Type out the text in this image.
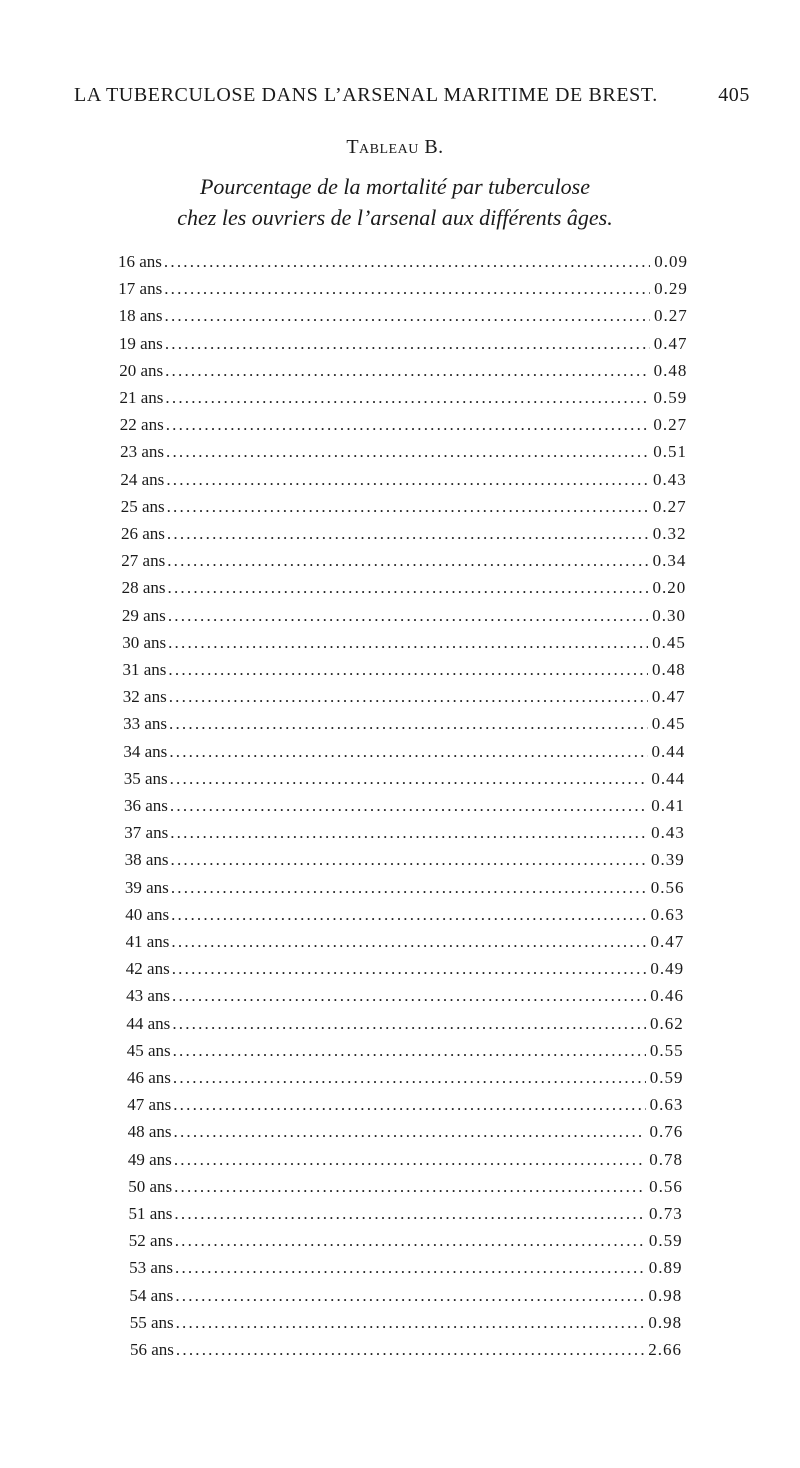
LA TUBERCULOSE DANS L’ARSENAL MARITIME DE BREST.	405
Tableau B.
Pourcentage de la mortalité par tuberculose
chez les ouvriers de l’arsenal aux différents âges.
16 ans .....	0.09
17 ans .....	0.29
18 ans .....	0.27
19 ans .....	0.47
20 ans .....	0.48
21 ans .....	0.59
22 ans .....	0.27
23 ans .....	0.51
24 ans .....	0.43
25 ans .....	0.27
26 ans .....	0.32
27 ans .....	0.34
28 ans .....	0.20
29 ans .....	0.30
30 ans .....	0.45
31 ans .....	0.48
32 ans .....	0.47
33 ans .....	0.45
34 ans .....	0.44
35 ans .....	0.44
36 ans .....	0.41
37 ans .....	0.43
38 ans .....	0.39
39 ans .....	0.56
40 ans .....	0.63
41 ans .....	0.47
42 ans .....	0.49
43 ans .....	0.46
44 ans .....	0.62
45 ans .....	0.55
46 ans .....	0.59
47 ans .....	0.63
48 ans .....	0.76
49 ans .....	0.78
50 ans .....	0.56
51 ans .....	0.73
52 ans .....	0.59
53 ans .....	0.89
54 ans .....	0.98
55 ans .....	0.98
56 ans .....	2.66
